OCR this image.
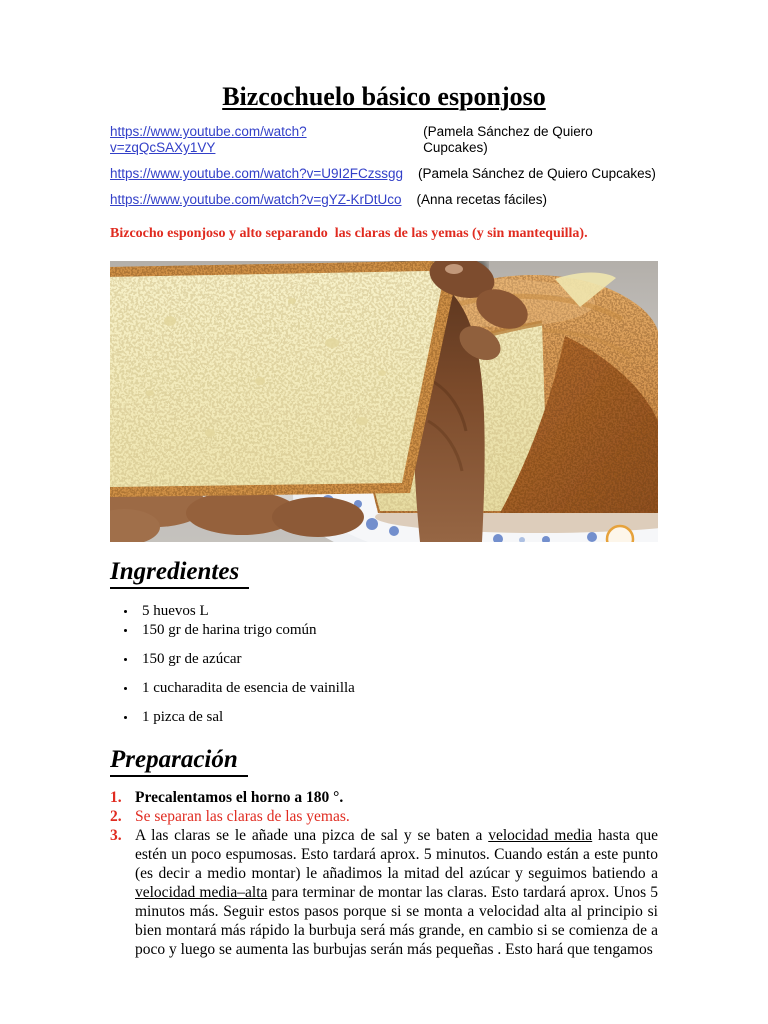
Bizcochuelo básico esponjoso
https://www.youtube.com/watch?v=zqQcSAXy1VY
(Pamela Sánchez de Quiero Cupcakes)
https://www.youtube.com/watch?v=U9I2FCzssgg (Pamela Sánchez de Quiero Cupcakes)
https://www.youtube.com/watch?v=gYZ-KrDtUco (Anna recetas fáciles)

Bizcocho esponjoso y alto separando  las claras de las yemas (y sin mantequilla).

Ingredientes
• 5 huevos L
• 150 gr de harina trigo común
• 150 gr de azúcar
• 1 cucharadita de esencia de vainilla
• 1 pizca de sal
Preparación
1. Precalentamos el horno a 180 °.
2. Se separan las claras de las yemas.
3. A las claras se le añade una pizca de sal y se baten a velocidad media hasta que estén un poco espumosas. Esto tardará aprox. 5 minutos. Cuando están a este punto (es decir a medio montar) le añadimos la mitad del azúcar y seguimos batiendo a velocidad media–alta para terminar de montar las claras. Esto tardará aprox. Unos 5 minutos más. Seguir estos pasos porque si se monta a velocidad alta al principio si bien montará más rápido la burbuja será más grande, en cambio si se comienza de a poco y luego se aumenta las burbujas serán más pequeñas . Esto hará que tengamos
